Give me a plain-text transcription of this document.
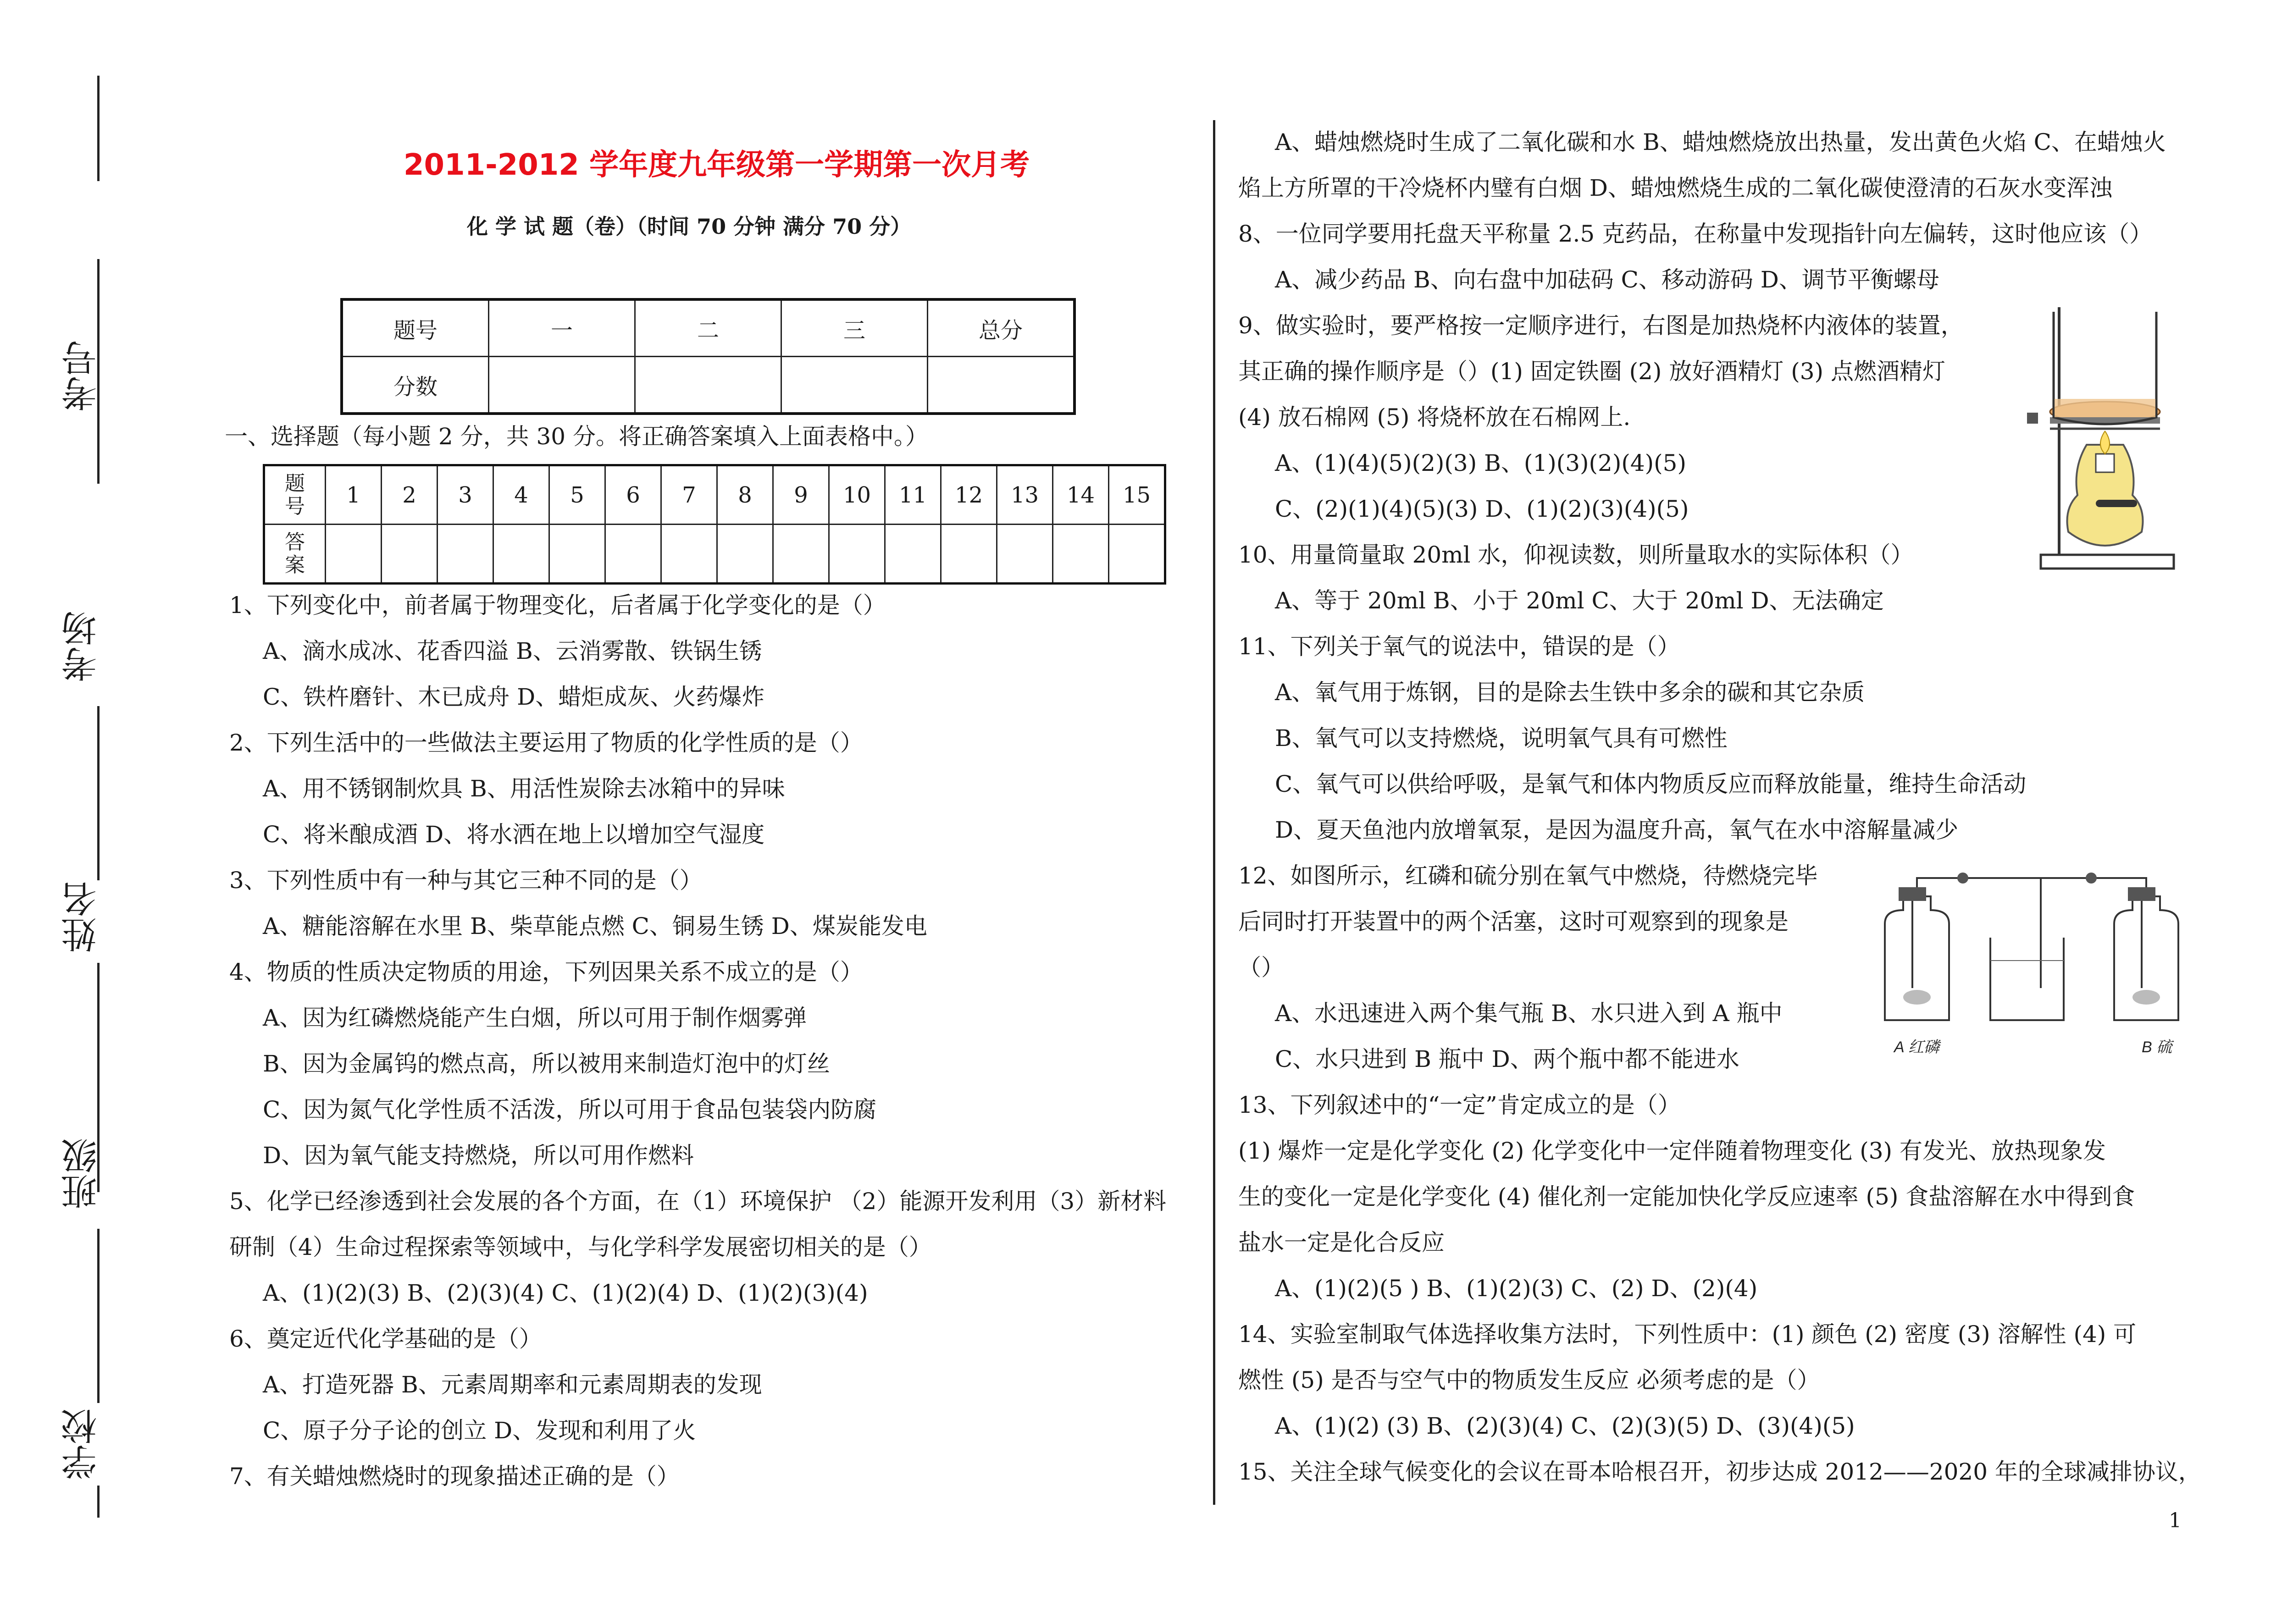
考号
考场
姓名
班级
学校
2011-2012 学年度九年级第一学期第一次月考
化 学 试 题（卷）（时间 70 分钟 满分 70 分）
题号	一	二	三	总分
分数				
一、选择题（每小题 2 分，共 30 分。将正确答案填入上面表格中。）
题
号	1	2	3	4	5	6	7	8	9	10	11	12	13	14	15
答
案															
1、下列变化中，前者属于物理变化，后者属于化学变化的是（）
A、滴水成冰、花香四溢 B、云消雾散、铁锅生锈
C、铁杵磨针、木已成舟 D、蜡炬成灰、火药爆炸
2、下列生活中的一些做法主要运用了物质的化学性质的是（）
A、用不锈钢制炊具 B、用活性炭除去冰箱中的异味
C、将米酿成酒 D、将水洒在地上以增加空气湿度
3、下列性质中有一种与其它三种不同的是（）
A、糖能溶解在水里 B、柴草能点燃 C、铜易生锈 D、煤炭能发电
4、物质的性质决定物质的用途，下列因果关系不成立的是（）
A、因为红磷燃烧能产生白烟，所以可用于制作烟雾弹
B、因为金属钨的燃点高，所以被用来制造灯泡中的灯丝
C、因为氮气化学性质不活泼，所以可用于食品包装袋内防腐
D、因为氧气能支持燃烧，所以可用作燃料
5、化学已经渗透到社会发展的各个方面，在（1）环境保护 （2）能源开发利用（3）新材料
研制（4）生命过程探索等领域中，与化学科学发展密切相关的是（）
A、(1)(2)(3) B、(2)(3)(4) C、(1)(2)(4) D、(1)(2)(3)(4)
6、奠定近代化学基础的是（）
A、打造死器 B、元素周期率和元素周期表的发现
C、原子分子论的创立 D、发现和利用了火
7、有关蜡烛燃烧时的现象描述正确的是（）
A、蜡烛燃烧时生成了二氧化碳和水 B、蜡烛燃烧放出热量，发出黄色火焰 C、在蜡烛火
焰上方所罩的干冷烧杯内璧有白烟 D、蜡烛燃烧生成的二氧化碳使澄清的石灰水变浑浊
8、一位同学要用托盘天平称量 2.5 克药品，在称量中发现指针向左偏转，这时他应该（）
A、减少药品 B、向右盘中加砝码 C、移动游码 D、调节平衡螺母
9、做实验时，要严格按一定顺序进行，右图是加热烧杯内液体的装置，
其正确的操作顺序是（）(1) 固定铁圈 (2) 放好酒精灯 (3) 点燃酒精灯
(4) 放石棉网 (5) 将烧杯放在石棉网上.
A、(1)(4)(5)(2)(3) B、(1)(3)(2)(4)(5)
C、(2)(1)(4)(5)(3) D、(1)(2)(3)(4)(5)
10、用量筒量取 20ml 水，仰视读数，则所量取水的实际体积（）
A、等于 20ml B、小于 20ml C、大于 20ml D、无法确定
11、下列关于氧气的说法中，错误的是（）
A、氧气用于炼钢，目的是除去生铁中多余的碳和其它杂质
B、氧气可以支持燃烧，说明氧气具有可燃性
C、氧气可以供给呼吸，是氧气和体内物质反应而释放能量，维持生命活动
D、夏天鱼池内放增氧泵，是因为温度升高，氧气在水中溶解量减少
12、如图所示，红磷和硫分别在氧气中燃烧，待燃烧完毕
后同时打开装置中的两个活塞，这时可观察到的现象是
（）
A、水迅速进入两个集气瓶 B、水只进入到 A 瓶中
C、水只进到 B 瓶中 D、两个瓶中都不能进水
13、下列叙述中的“一定”肯定成立的是（）
(1) 爆炸一定是化学变化 (2) 化学变化中一定伴随着物理变化 (3) 有发光、放热现象发
生的变化一定是化学变化 (4) 催化剂一定能加快化学反应速率 (5) 食盐溶解在水中得到食
盐水一定是化合反应
A、(1)(2)(5 ) B、(1)(2)(3) C、(2) D、(2)(4)
14、实验室制取气体选择收集方法时，下列性质中：(1) 颜色 (2) 密度 (3) 溶解性 (4) 可
燃性 (5) 是否与空气中的物质发生反应 必须考虑的是（）
A、(1)(2) (3) B、(2)(3)(4) C、(2)(3)(5) D、(3)(4)(5)
15、关注全球气候变化的会议在哥本哈根召开，初步达成 2012——2020 年的全球减排协议，
A 红磷	B 硫
1
